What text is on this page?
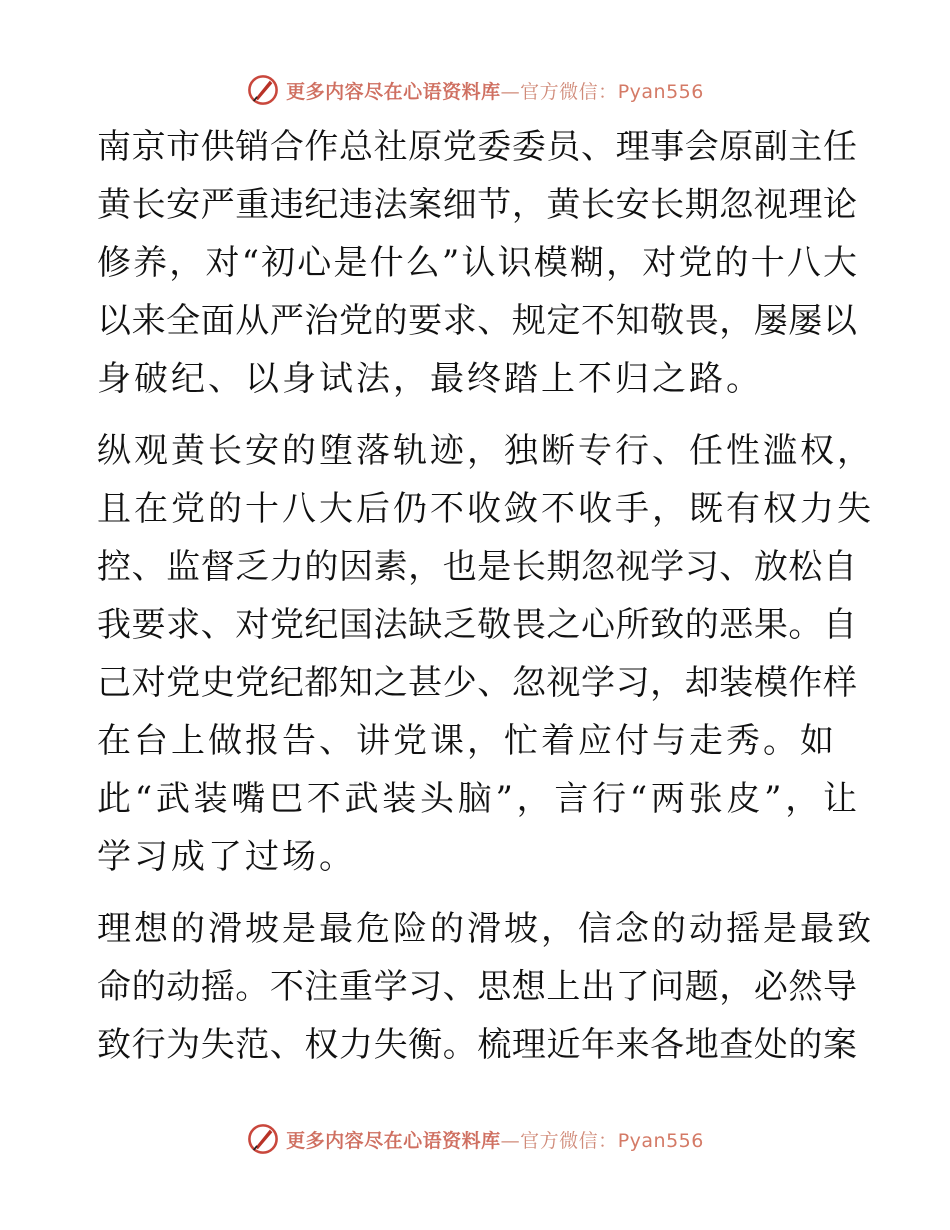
更多内容尽在心语资料库—官方微信：Pyan556
南京市供销合作总社原党委委员、理事会原副主任
黄长安严重违纪违法案细节，黄长安长期忽视理论
修养，对“初心是什么”认识模糊，对党的十八大
以来全面从严治党的要求、规定不知敬畏，屡屡以
身破纪、以身试法，最终踏上不归之路。
纵观黄长安的堕落轨迹，独断专行、任性滥权，
且在党的十八大后仍不收敛不收手，既有权力失
控、监督乏力的因素，也是长期忽视学习、放松自
我要求、对党纪国法缺乏敬畏之心所致的恶果。自
己对党史党纪都知之甚少、忽视学习，却装模作样
在台上做报告、讲党课，忙着应付与走秀。如
此“武装嘴巴不武装头脑”，言行“两张皮”，让
学习成了过场。
理想的滑坡是最危险的滑坡，信念的动摇是最致
命的动摇。不注重学习、思想上出了问题，必然导
致行为失范、权力失衡。梳理近年来各地查处的案
更多内容尽在心语资料库—官方微信：Pyan556
